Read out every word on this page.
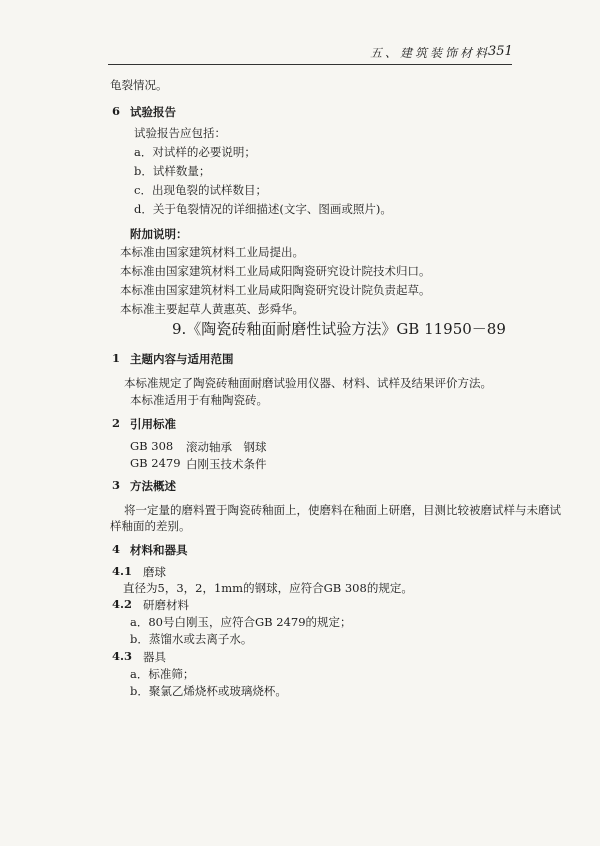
五、建筑装饰材料
351
龟裂情况。
6 试验报告
试验报告应包括：
a．对试样的必要说明；
b．试样数量；
c．出现龟裂的试样数目；
d．关于龟裂情况的详细描述(文字、图画或照片)。
附加说明：
本标准由国家建筑材料工业局提出。
本标准由国家建筑材料工业局咸阳陶瓷研究设计院技术归口。
本标准由国家建筑材料工业局咸阳陶瓷研究设计院负责起草。
本标准主要起草人黄惠英、彭舜华。
9.《陶瓷砖釉面耐磨性试验方法》GB 11950－89
1 主题内容与适用范围
本标准规定了陶瓷砖釉面耐磨试验用仪器、材料、试样及结果评价方法。
本标准适用于有釉陶瓷砖。
2 引用标准
GB 308 滚动轴承　钢球
GB 2479 白刚玉技术条件
3 方法概述
将一定量的磨料置于陶瓷砖釉面上，使磨料在釉面上研磨，目测比较被磨试样与未磨试
样釉面的差别。
4 材料和器具
4.1 磨球
直径为5，3，2，1mm的钢球，应符合GB 308的规定。
4.2 研磨材料
a．80号白刚玉，应符合GB 2479的规定；
b．蒸馏水或去离子水。
4.3 器具
a．标准筛；
b．聚氯乙烯烧杯或玻璃烧杯。
